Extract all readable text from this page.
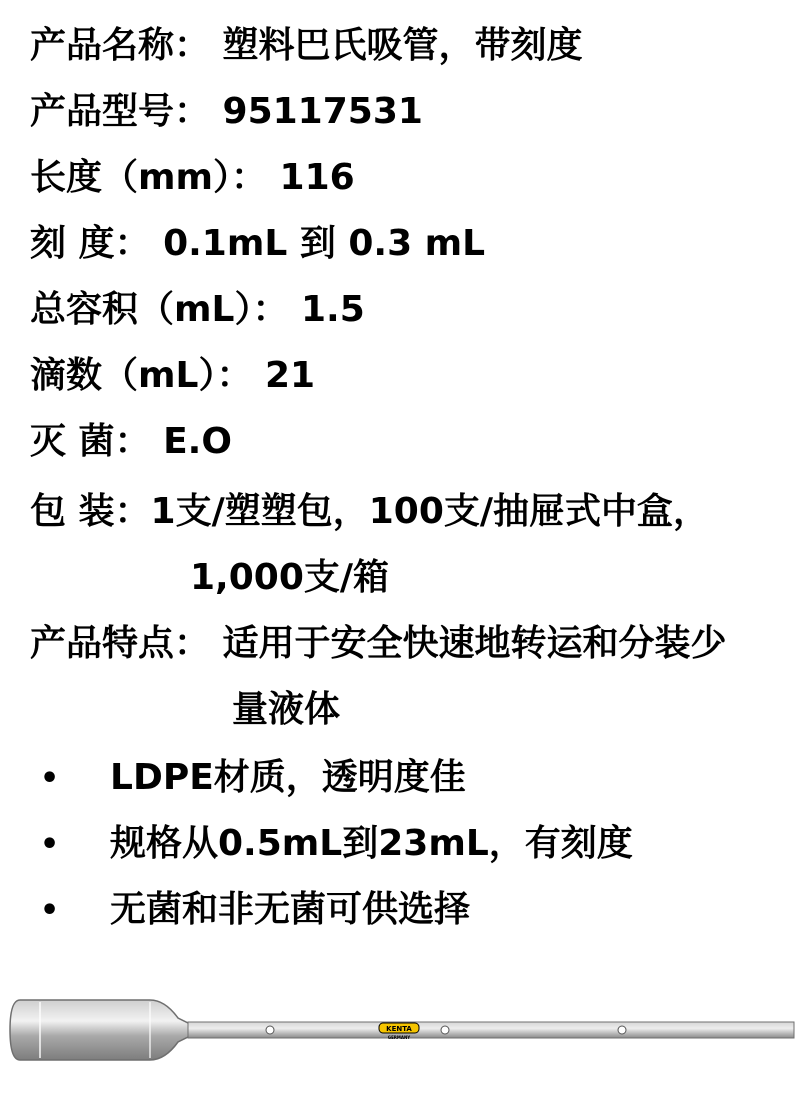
产品名称： 塑料巴氏吸管，带刻度
产品型号： 95117531
长度（mm）： 116
刻 度： 0.1mL 到 0.3 mL
总容积（mL）： 1.5
滴数（mL）： 21
灭 菌： E.O
包 装：1支/塑塑包，100支/抽屉式中盒，
1,000支/箱
产品特点： 适用于安全快速地转运和分装少
量液体
• LDPE材质，透明度佳
• 规格从0.5mL到23mL，有刻度
• 无菌和非无菌可供选择
KENTA
GERMANY
